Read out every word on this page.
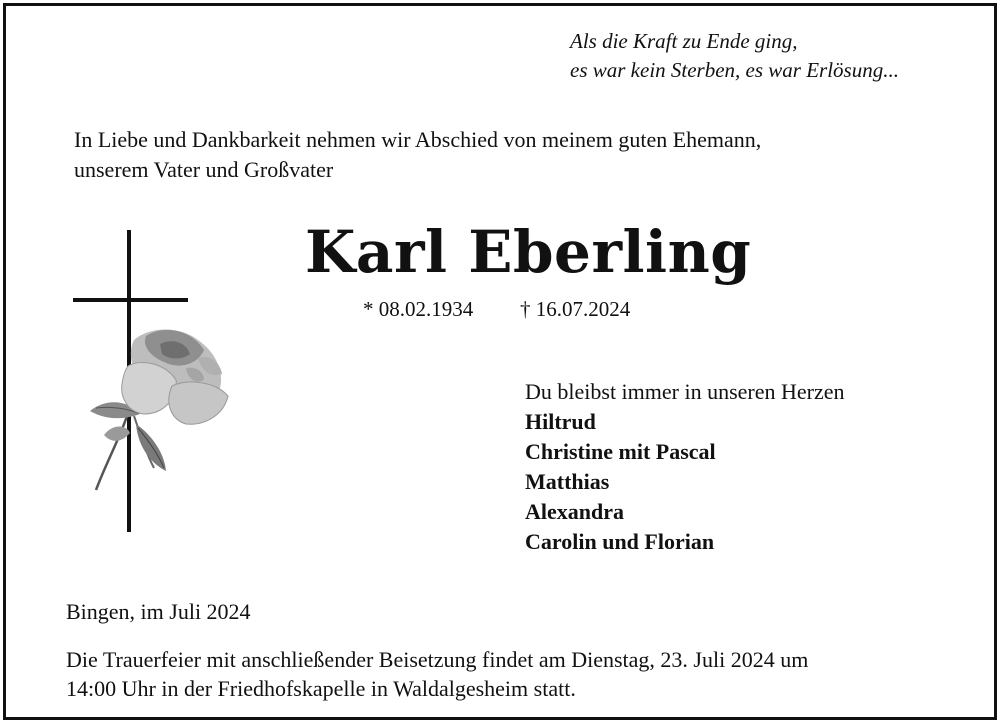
Als die Kraft zu Ende ging,
es war kein Sterben, es war Erlösung...
In Liebe und Dankbarkeit nehmen wir Abschied von meinem guten Ehemann,
unserem Vater und Großvater
Karl Eberling
* 08.02.1934 † 16.07.2024
Du bleibst immer in unseren Herzen
Hiltrud
Christine mit Pascal
Matthias
Alexandra
Carolin und Florian
Bingen, im Juli 2024
Die Trauerfeier mit anschließender Beisetzung findet am Dienstag, 23. Juli 2024 um
14:00 Uhr in der Friedhofskapelle in Waldalgesheim statt.
